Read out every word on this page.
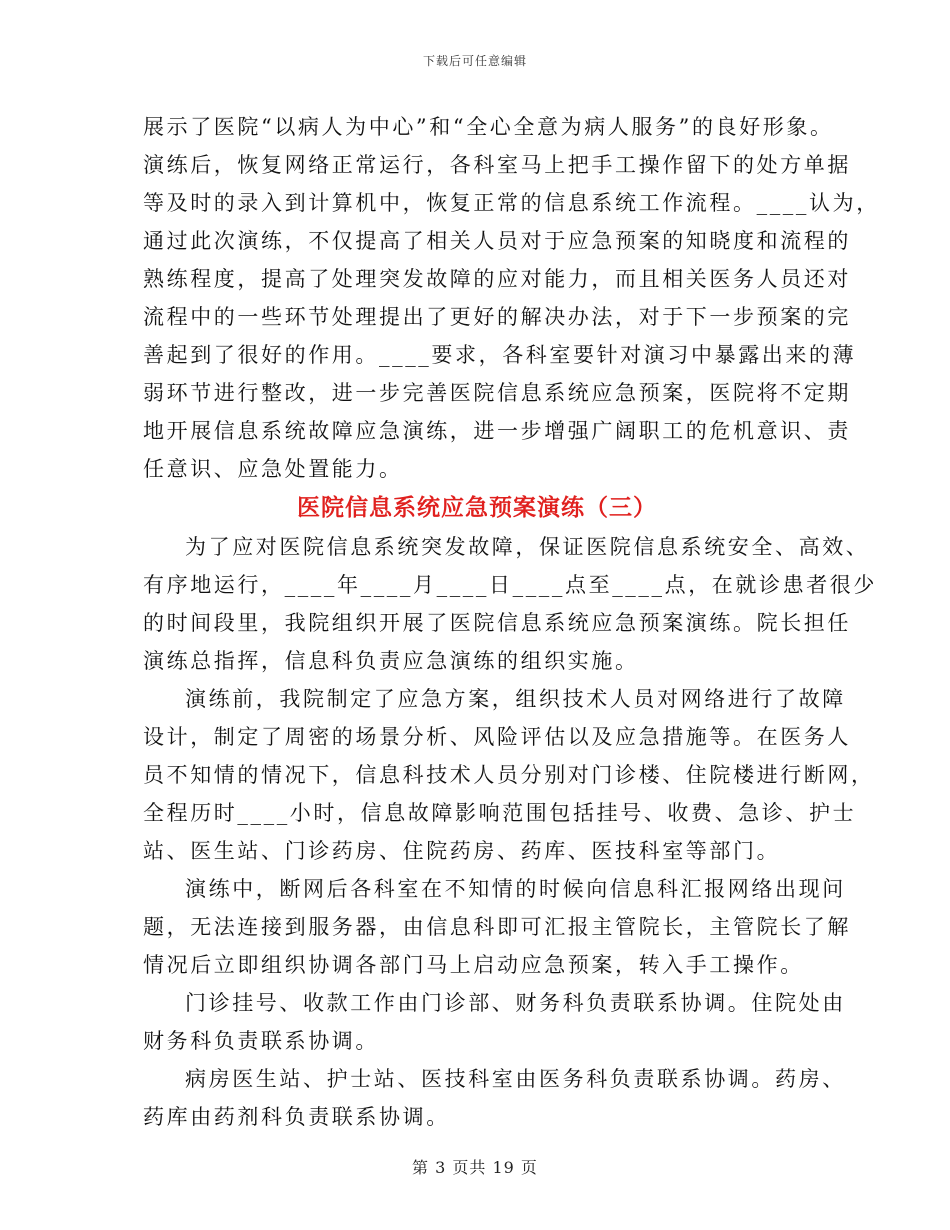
下载后可任意编辑
展示了医院“以病人为中心”和“全心全意为病人服务”的良好形象。
演练后，恢复网络正常运行，各科室马上把手工操作留下的处方单据
等及时的录入到计算机中，恢复正常的信息系统工作流程。____认为，
通过此次演练，不仅提高了相关人员对于应急预案的知晓度和流程的
熟练程度，提高了处理突发故障的应对能力，而且相关医务人员还对
流程中的一些环节处理提出了更好的解决办法，对于下一步预案的完
善起到了很好的作用。____要求，各科室要针对演习中暴露出来的薄
弱环节进行整改，进一步完善医院信息系统应急预案，医院将不定期
地开展信息系统故障应急演练，进一步增强广阔职工的危机意识、责
任意识、应急处置能力。
医院信息系统应急预案演练（三）
为了应对医院信息系统突发故障，保证医院信息系统安全、高效、
有序地运行，____年____月____日____点至____点，在就诊患者很少
的时间段里，我院组织开展了医院信息系统应急预案演练。院长担任
演练总指挥，信息科负责应急演练的组织实施。
演练前，我院制定了应急方案，组织技术人员对网络进行了故障
设计，制定了周密的场景分析、风险评估以及应急措施等。在医务人
员不知情的情况下，信息科技术人员分别对门诊楼、住院楼进行断网，
全程历时____小时，信息故障影响范围包括挂号、收费、急诊、护士
站、医生站、门诊药房、住院药房、药库、医技科室等部门。
演练中，断网后各科室在不知情的时候向信息科汇报网络出现问
题，无法连接到服务器，由信息科即可汇报主管院长，主管院长了解
情况后立即组织协调各部门马上启动应急预案，转入手工操作。
门诊挂号、收款工作由门诊部、财务科负责联系协调。住院处由
财务科负责联系协调。
病房医生站、护士站、医技科室由医务科负责联系协调。药房、
药库由药剂科负责联系协调。
第 3 页共 19 页
